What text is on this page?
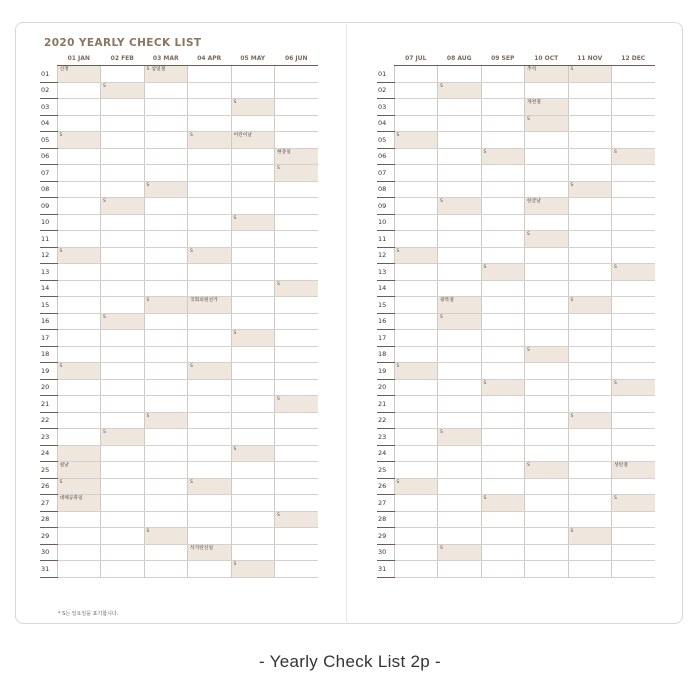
2020 YEARLY CHECK LIST
	01 JAN	02 FEB	03 MAR	04 APR	05 MAY	06 JUN
01	신정		S 삼일절			

02		S				

03					S	

04						
05	S			S	어린이날	

06						현충일

07						S

08			S			

09		S				

10					S	

11						
12	S			S		

13						
14						S

15			S	국회의원선거		

16		S				

17					S	

18						
19	S			S		

20						
21						S

22			S			

23		S				

24					S	

25	설날					

26	S			S		

27	대체공휴일					

28						S

29			S			

30				석가탄신일		

31					S	

	07 JUL	08 AUG	09 SEP	10 OCT	11 NOV	12 DEC
01				추석	S	

02		S				

03				개천절		

04				S		

05	S					

06			S			S

07						
08					S	

09		S		한글날		

10						
11				S		

12	S					

13			S			S

14						
15		광복절			S	

16		S				

17						
18				S		

19	S					

20			S			S

21						
22					S	

23		S				

24						
25				S		성탄절

26	S					

27			S			S

28						
29					S	

30		S				

31						
* S는 일요일을 표기합니다.
- Yearly Check List 2p -
